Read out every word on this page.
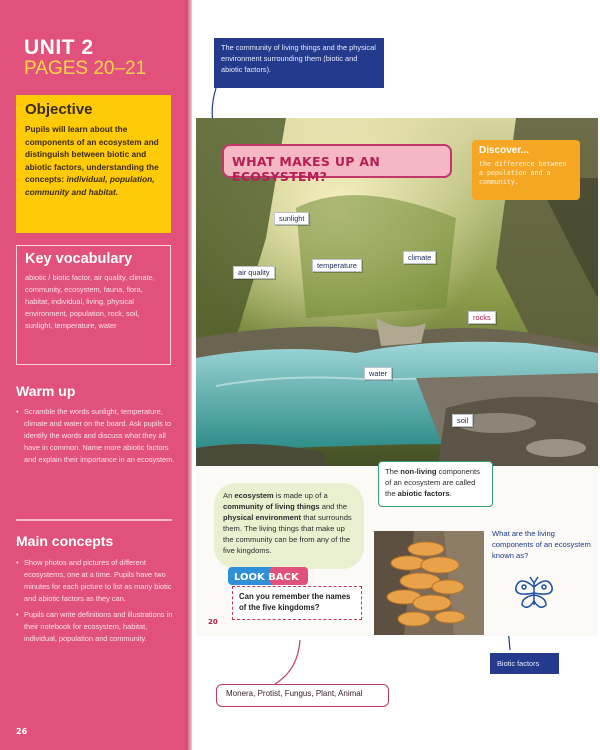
UNIT 2
PAGES 20–21
Objective

Pupils will learn about the components of an ecosystem and distinguish between biotic and abiotic factors, understanding the concepts: individual, population, community and habitat.

Key vocabulary

abiotic / biotic factor, air quality, climate, community, ecosystem, fauna, flora, habitat, individual, living, physical environment, population, rock, soil, sunlight, temperature, water

Warm up
• Scramble the words sunlight, temperature, climate and water on the board. Ask pupils to identify the words and discuss what they all have in common. Name more abiotic factors and explain their importance in an ecosystem.
Main concepts
• Show photos and pictures of different ecosystems, one at a time. Pupils have two minutes for each picture to list as many biotic and abiotic factors as they can.
• Pupils can write definitions and illustrations in their notebook for ecosystem, habitat, individual, population and community.
26
The community of living things and the physical environment surrounding them (biotic and abiotic factors).
WHAT MAKES UP AN ECOSYSTEM?
Discover...
the difference between a population and a community.
sunlight
air quality
temperature
climate
rocks
water
soil
The non-living components of an ecosystem are called the abiotic factors.
An ecosystem is made up of a community of living things and the physical environment that surrounds them. The living things that make up the community can be from any of the five kingdoms.
What are the living components of an ecosystem known as?
LOOK BACK
Can you remember the names of the five kingdoms?
20
Biotic factors
Monera, Protist, Fungus, Plant, Animal
